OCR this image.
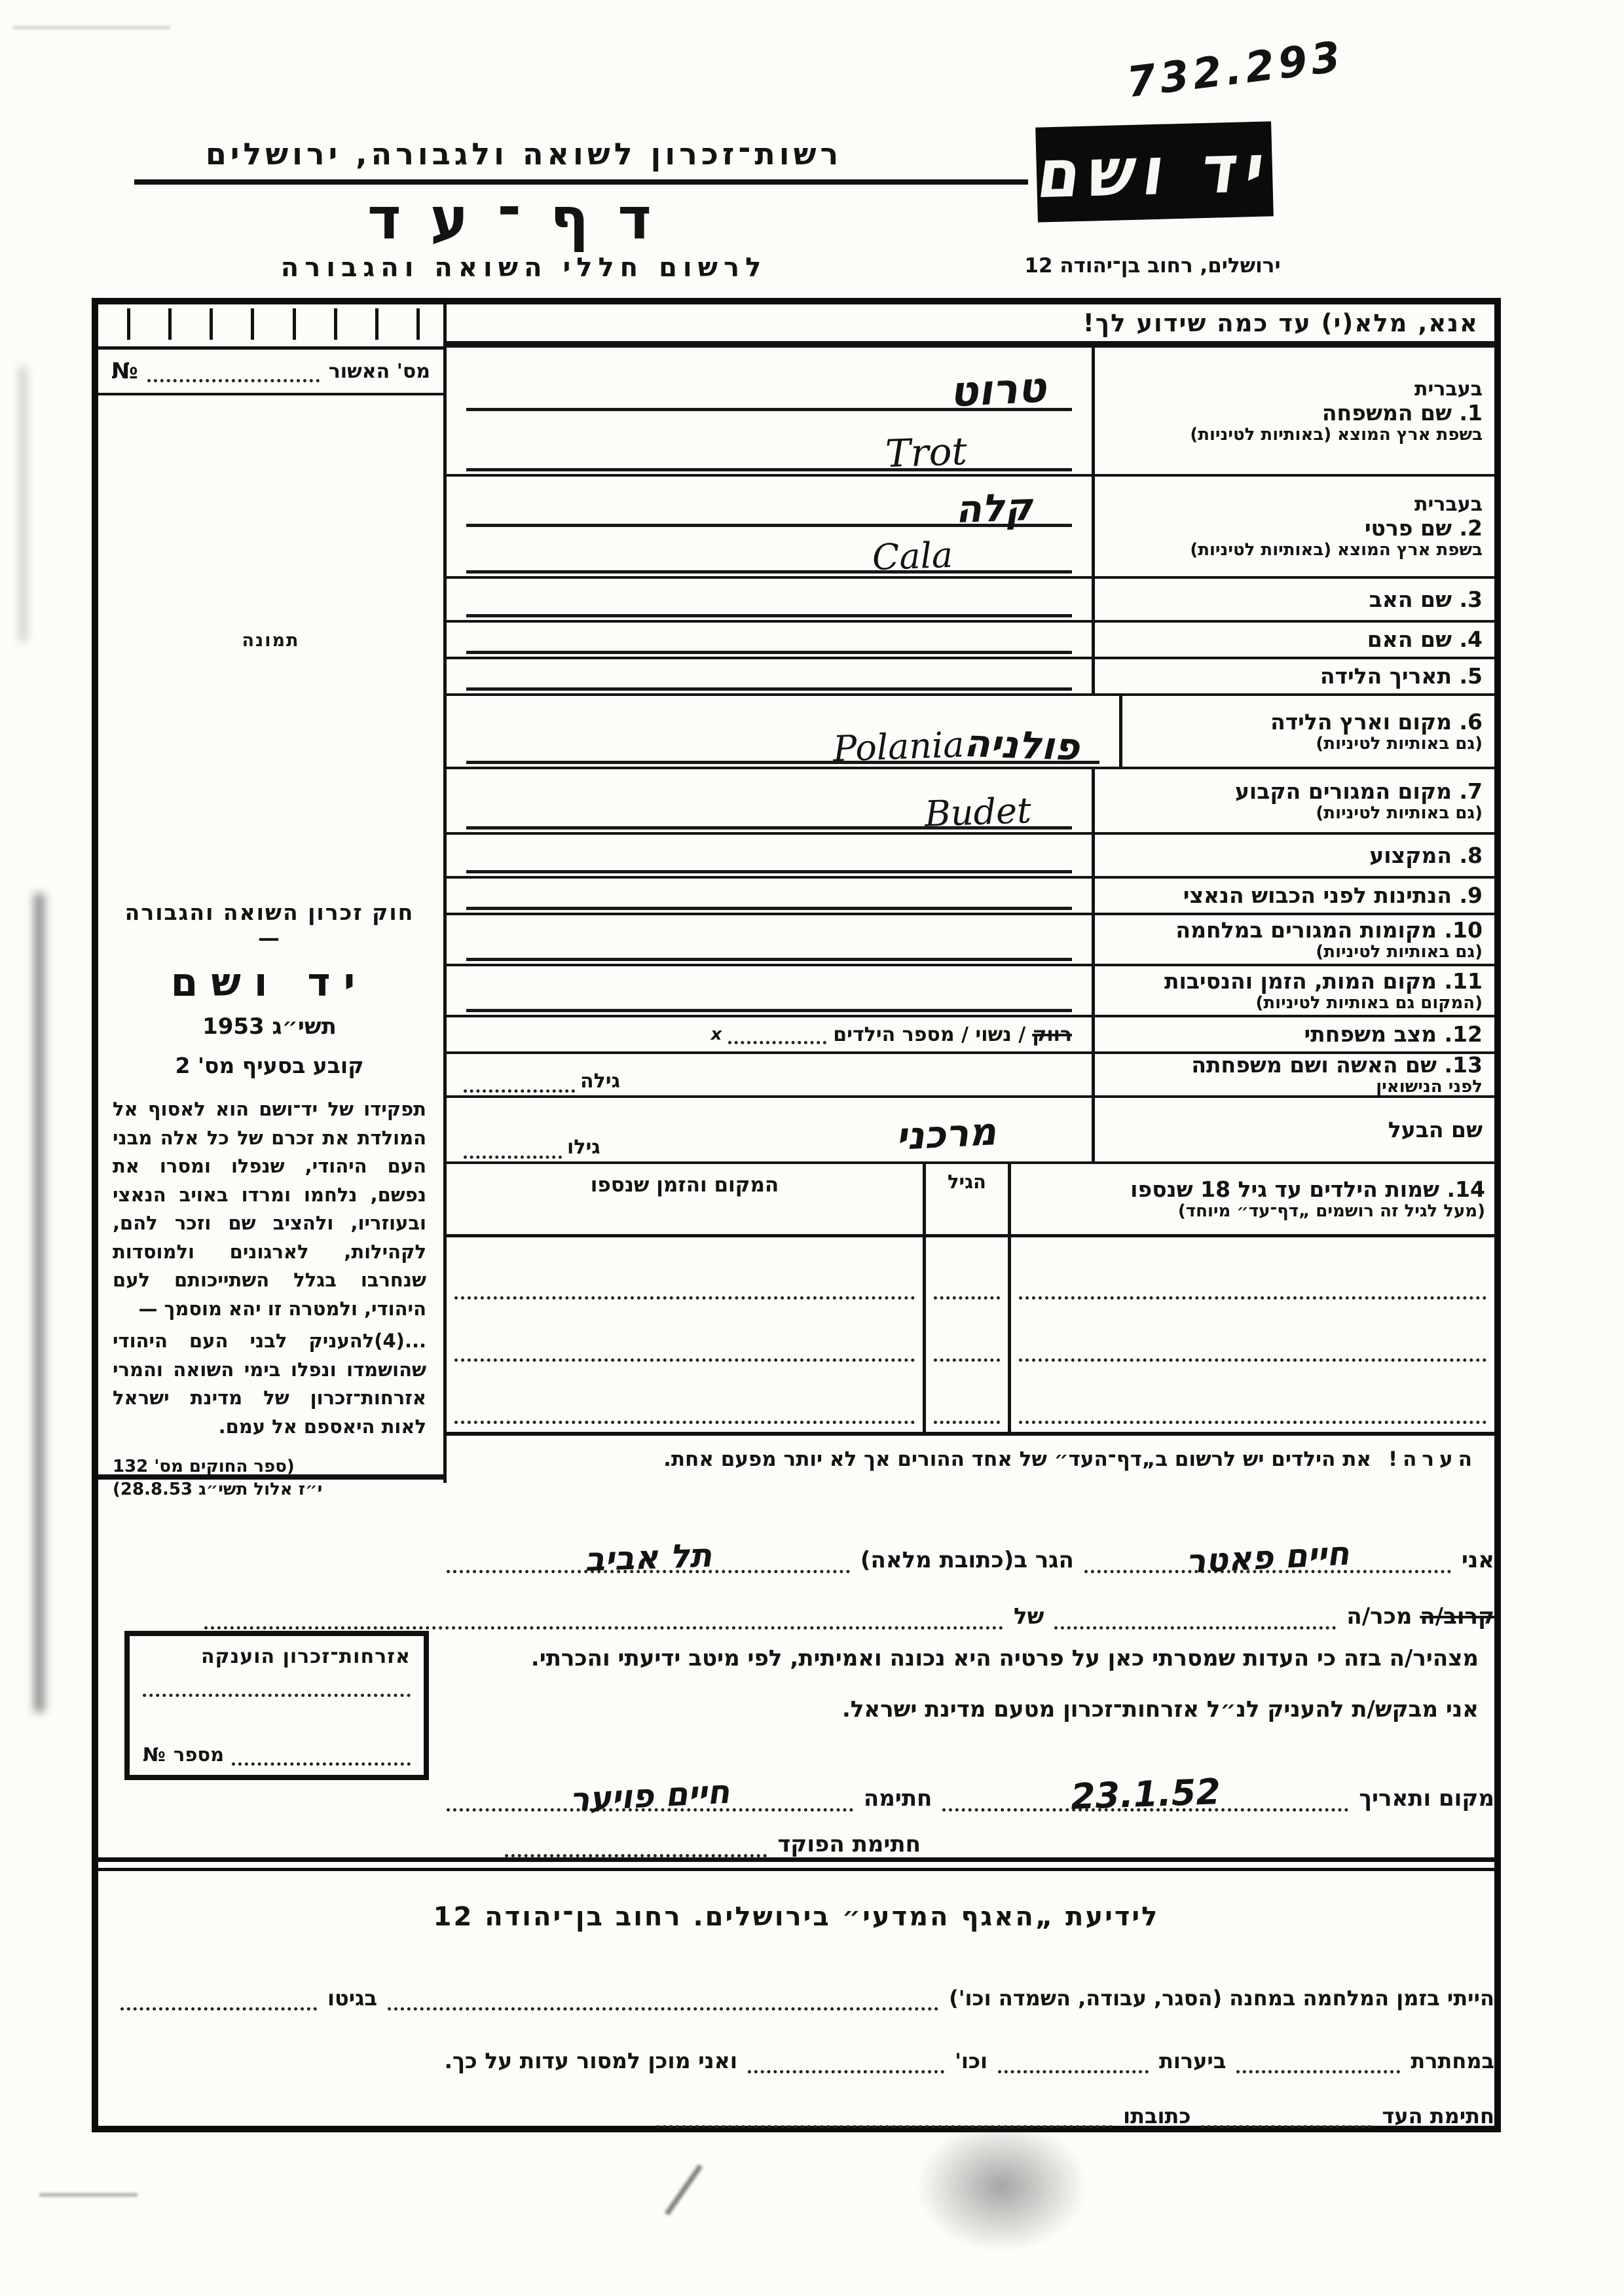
732.293
רשות־זכרון לשואה ולגבורה, ירושלים
דף־עד
לרשום חללי השואה והגבורה
יד ושם
ירושלים, רחוב בן־יהודה 12
מס' האשור
№
תמונה
חוק זכרון השואה והגבורה —
יד ושם
תשי״ג 1953
קובע בסעיף מס' 2
תפקידו של יד־ושם הוא לאסוף אל המולדת את זכרם של כל אלה מבני העם היהודי, שנפלו ומסרו את נפשם, נלחמו ומרדו באויב הנאצי ובעוזריו, ולהציב שם וזכר להם, לקהילות, לארגונים ולמוסדות שנחרבו בגלל השתייכותם לעם היהודי, ולמטרה זו יהא מוסמך —
...(4)להעניק לבני העם היהודי שהושמדו ונפלו בימי השואה והמרי אזרחות־זכרון של מדינת ישראל לאות היאספם אל עמם.
(ספר החוקים מס' 132
י״ז אלול תשי״ג 28.8.53)
אנא, מלא(י) עד כמה שידוע לך!
בעברית
1. שם המשפחה
בשפת ארץ המוצא (באותיות לטיניות)
טרוט
Trot
בעברית
2. שם פרטי
בשפת ארץ המוצא (באותיות לטיניות)
קלה
Cala
3. שם האב
4. שם האם
5. תאריך הלידה
6. מקום וארץ הלידה
(גם באותיות לטיניות)
פולניה
Polania
7. מקום המגורים הקבוע
(גם באותיות לטיניות)
Budet
8. המקצוע
9. הנתינות לפני הכבוש הנאצי
10. מקומות המגורים במלחמה
(גם באותיות לטיניות)
11. מקום המות, הזמן והנסיבות
(המקום גם באותיות לטיניות)
12. מצב משפחתי
רווק
/ נשוי / מספר הילדים
x
13. שם האשה ושם משפחתה
לפני הנישואין
גילה
שם הבעל
מרכני
גילו
14. שמות הילדים עד גיל 18 שנספו
(מעל לגיל זה רושמים „דף־עד״ מיוחד)
הגיל
המקום והזמן שנספו
הערה!
את הילדים יש לרשום ב„דף־העד״ של אחד ההורים אך לא יותר מפעם אחת.
אני
חיים פאטר
הגר ב(כתובת מלאה)
תל אביב
קרוב/ה מכר/ה
של
מצהיר/ה בזה כי העדות שמסרתי כאן על פרטיה היא נכונה ואמיתית, לפי מיטב ידיעתי והכרתי.
אני מבקש/ת להעניק לנ״ל אזרחות־זכרון מטעם מדינת ישראל.
מקום ותאריך
23.1.52
חתימה
חיים פויער
חתימת הפוקד
אזרחות־זכרון הוענקה
מספר
№
לידיעת „האגף המדעי״ בירושלים. רחוב בן־יהודה 12
הייתי בזמן המלחמה במחנה (הסגר, עבודה, השמדה וכו')
בגיטו
במחתרת
ביערות
וכו'
ואני מוכן למסור עדות על כך.
חתימת העד
כתובתו
